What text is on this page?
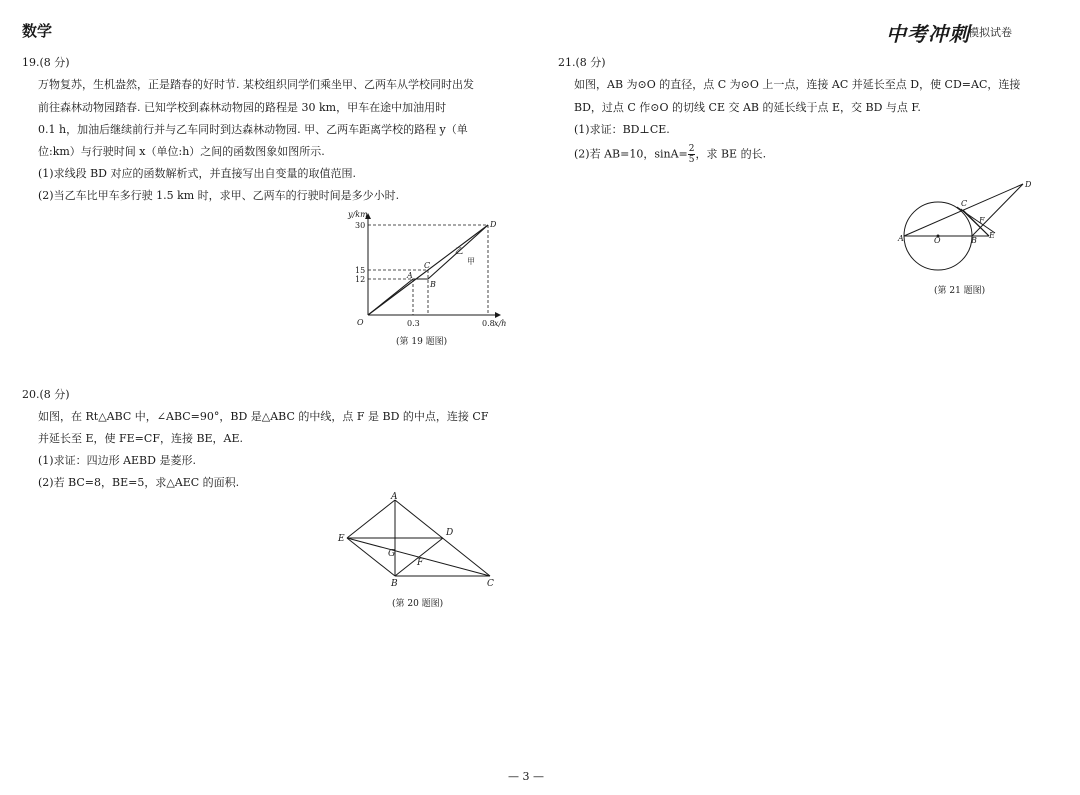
数学	中考冲刺
模拟试卷
19.(8 分)
万物复苏，生机盎然，正是踏春的好时节. 某校组织同学们乘坐甲、乙两车从学校同时出发
前往森林动物园踏春. 已知学校到森林动物园的路程是 30 km，甲车在途中加油用时
0.1 h，加油后继续前行并与乙车同时到达森林动物园. 甲、乙两车距离学校的路程 y（单
位:km）与行驶时间 x（单位:h）之间的函数图象如图所示.
(1)求线段 BD 对应的函数解析式，并直接写出自变量的取值范围.
(2)当乙车比甲车多行驶 1.5 km 时，求甲、乙两车的行驶时间是多少小时.
y/km
x/h
O
30
15
12
0.3	0.8
A
B
C
D
乙
甲
(第 19 题图)
20.(8 分)
如图，在 Rt△ABC 中，∠ABC=90°，BD 是△ABC 的中线，点 F 是 BD 的中点，连接 CF
并延长至 E，使 FE=CF，连接 BE，AE.
(1)求证：四边形 AEBD 是菱形.
(2)若 BC=8，BE=5，求△AEC 的面积.
A
E
D
G
F
B	C
(第 20 题图)
21.(8 分)
如图，AB 为⊙O 的直径，点 C 为⊙O 上一点，连接 AC 并延长至点 D，使 CD=AC，连接
BD，过点 C 作⊙O 的切线 CE 交 AB 的延长线于点 E，交 BD 与点 F.
(1)求证：BD⊥CE.
(2)若 AB=10，$\sin A= \frac{2}{5}$ ，求 BE 的长.
A	O	B
C
D
F
E
(第 21 题图)
— 3 —
